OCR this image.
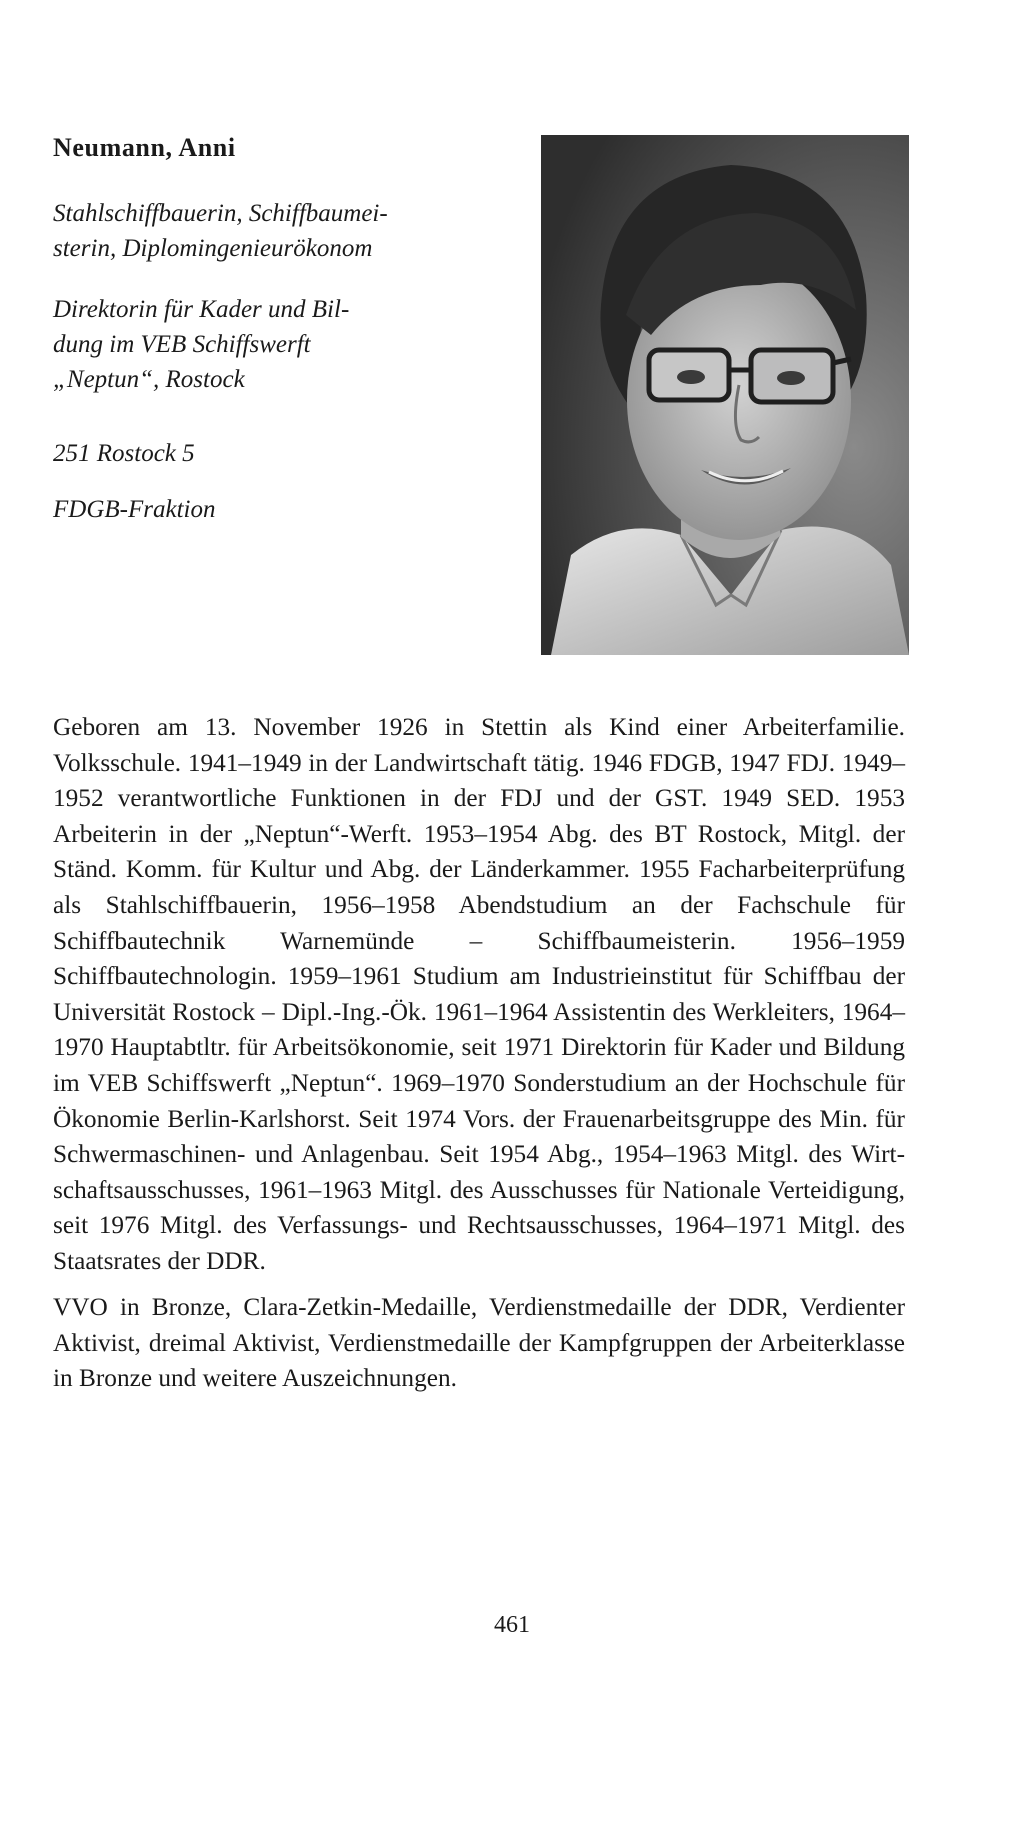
Neumann, Anni

Stahlschiffbauerin, Schiffbaumei-
sterin, Diplomingenieurökonom

Direktorin für Kader und Bil-
dung im VEB Schiffswerft
„Neptun“, Rostock

251 Rostock 5

FDGB-Fraktion

Geboren am 13. November 1926 in Stettin als Kind einer Arbeiterfamilie. Volksschule. 1941–1949 in der Landwirtschaft tätig. 1946 FDGB, 1947 FDJ. 1949–1952 verantwortliche Funktionen in der FDJ und der GST. 1949 SED. 1953 Arbeiterin in der „Neptun“-Werft. 1953–1954 Abg. des BT Rostock, Mitgl. der Ständ. Komm. für Kultur und Abg. der Länderkammer. 1955 Facharbeiterprüfung als Stahlschiffbauerin, 1956–1958 Abendstudium an der Fachschule für Schiffbautechnik Warnemünde – Schiffbaumeisterin. 1956–1959 Schiffbautechnologin. 1959–1961 Studium am Industrieinstitut für Schiffbau der Universität Rostock – Dipl.-Ing.-Ök. 1961–1964 Assistentin des Werkleiters, 1964–1970 Hauptabtltr. für Arbeitsökonomie, seit 1971 Direktorin für Kader und Bildung im VEB Schiffswerft „Neptun“. 1969–1970 Sonderstudium an der Hochschule für Ökonomie Berlin-Karlshorst. Seit 1974 Vors. der Frauenarbeitsgruppe des Min. für Schwermaschinen- und Anlagenbau. Seit 1954 Abg., 1954–1963 Mitgl. des Wirtschaftsausschusses, 1961–1963 Mitgl. des Ausschusses für Nationale Verteidigung, seit 1976 Mitgl. des Verfassungs- und Rechtsausschusses, 1964–1971 Mitgl. des Staatsrates der DDR.

VVO in Bronze, Clara-Zetkin-Medaille, Verdienstmedaille der DDR, Verdienter Aktivist, dreimal Aktivist, Verdienstmedaille der Kampfgruppen der Arbeiterklasse in Bronze und weitere Auszeichnungen.

461
